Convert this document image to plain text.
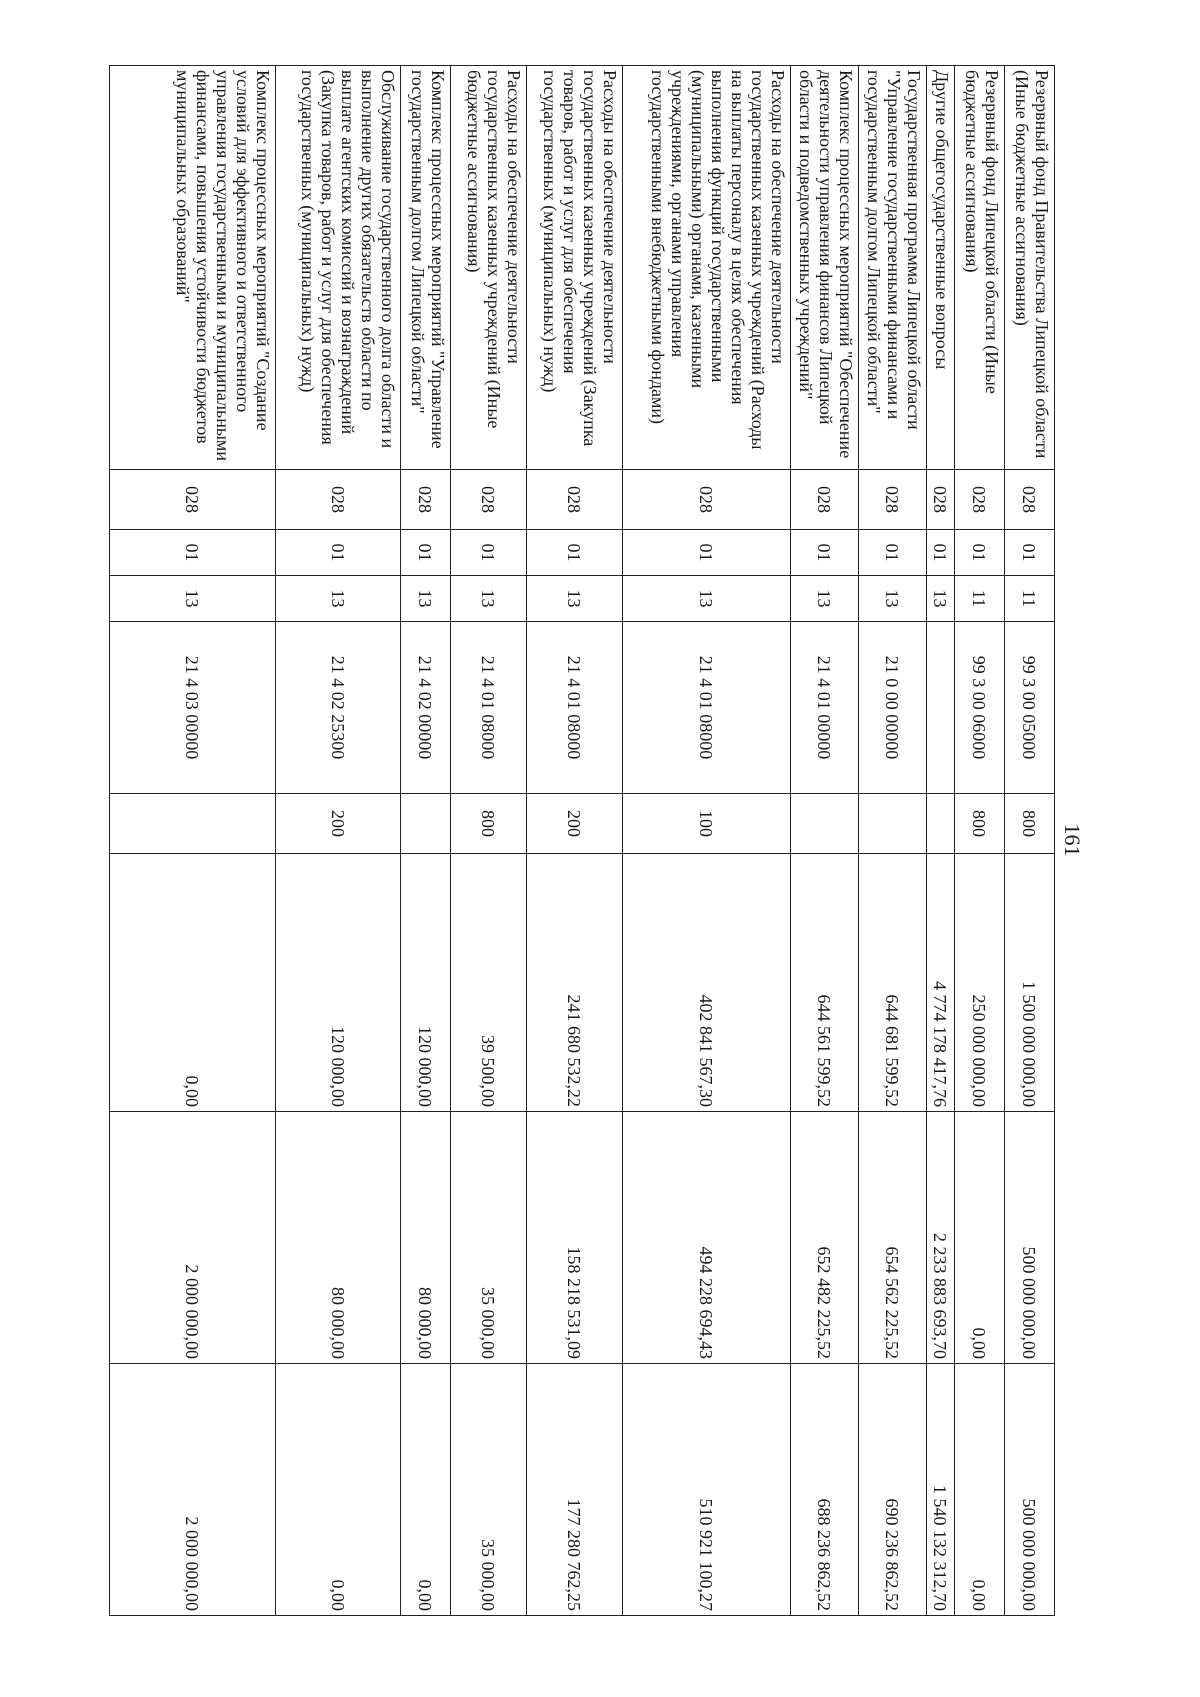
161
Резервный фонд Правительства Липецкой области (Иные бюджетные ассигнования)	028	01	11	99 3 00 05000	800	1 500 000 000,00	500 000 000,00	500 000 000,00
Резервный фонд Липецкой области (Иные бюджетные ассигнования)	028	01	11	99 3 00 06000	800	250 000 000,00	0,00	0,00
Другие общегосударственные вопросы	028	01	13			4 774 178 417,76	2 233 883 693,70	1 540 132 312,70
Государственная программа Липецкой области "Управление государственными финансами и государственным долгом Липецкой области"	028	01	13	21 0 00 00000		644 681 599,52	654 562 225,52	690 236 862,52
Комплекс процессных мероприятий "Обеспечение деятельности управления финансов Липецкой области и подведомственных учреждений"	028	01	13	21 4 01 00000		644 561 599,52	652 482 225,52	688 236 862,52
Расходы на обеспечение деятельности государственных казенных учреждений (Расходы на выплаты персоналу в целях обеспечения выполнения функций государственными (муниципальными) органами, казенными учреждениями, органами управления государственными внебюджетными фондами)	028	01	13	21 4 01 08000	100	402 841 567,30	494 228 694,43	510 921 100,27
Расходы на обеспечение деятельности государственных казенных учреждений (Закупка товаров, работ и услуг для обеспечения государственных (муниципальных) нужд)	028	01	13	21 4 01 08000	200	241 680 532,22	158 218 531,09	177 280 762,25
Расходы на обеспечение деятельности государственных казенных учреждений (Иные бюджетные ассигнования)	028	01	13	21 4 01 08000	800	39 500,00	35 000,00	35 000,00
Комплекс процессных мероприятий "Управление государственным долгом Липецкой области"	028	01	13	21 4 02 00000		120 000,00	80 000,00	0,00
Обслуживание государственного долга области и выполнение других обязательств области по выплате агентских комиссий и вознаграждений (Закупка товаров, работ и услуг для обеспечения государственных (муниципальных) нужд)	028	01	13	21 4 02 25300	200	120 000,00	80 000,00	0,00
Комплекс процессных мероприятий "Создание условий для эффективного и ответственного управления государственными и муниципальными финансами, повышения устойчивости бюджетов муниципальных образований"	028	01	13	21 4 03 00000		0,00	2 000 000,00	2 000 000,00
